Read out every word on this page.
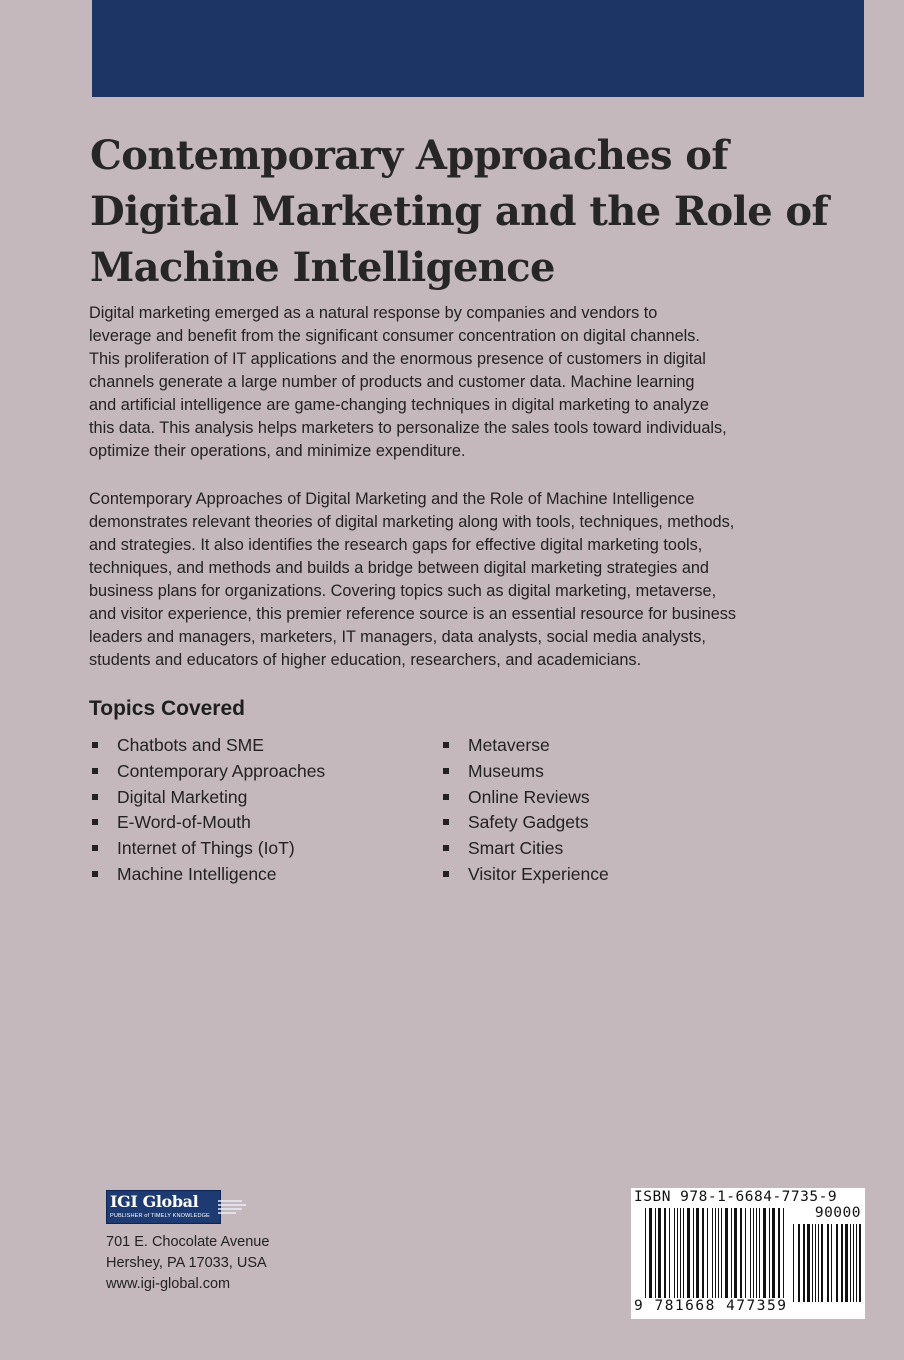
Contemporary Approaches of
Digital Marketing and the Role of
Machine Intelligence
Digital marketing emerged as a natural response by companies and vendors to
leverage and benefit from the significant consumer concentration on digital channels.
This proliferation of IT applications and the enormous presence of customers in digital
channels generate a large number of products and customer data. Machine learning
and artificial intelligence are game-changing techniques in digital marketing to analyze
this data. This analysis helps marketers to personalize the sales tools toward individuals,
optimize their operations, and minimize expenditure.
Contemporary Approaches of Digital Marketing and the Role of Machine Intelligence
demonstrates relevant theories of digital marketing along with tools, techniques, methods,
and strategies. It also identifies the research gaps for effective digital marketing tools,
techniques, and methods and builds a bridge between digital marketing strategies and
business plans for organizations. Covering topics such as digital marketing, metaverse,
and visitor experience, this premier reference source is an essential resource for business
leaders and managers, marketers, IT managers, data analysts, social media analysts,
students and educators of higher education, researchers, and academicians.
Topics Covered
Chatbots and SME
Contemporary Approaches
Digital Marketing
E-Word-of-Mouth
Internet of Things (IoT)
Machine Intelligence
Metaverse
Museums
Online Reviews
Safety Gadgets
Smart Cities
Visitor Experience
IGI Global
PUBLISHER of TIMELY KNOWLEDGE
701 E. Chocolate Avenue
Hershey, PA 17033, USA
www.igi-global.com
ISBN 978-1-6684-7735-9
90000
9 781668 477359
